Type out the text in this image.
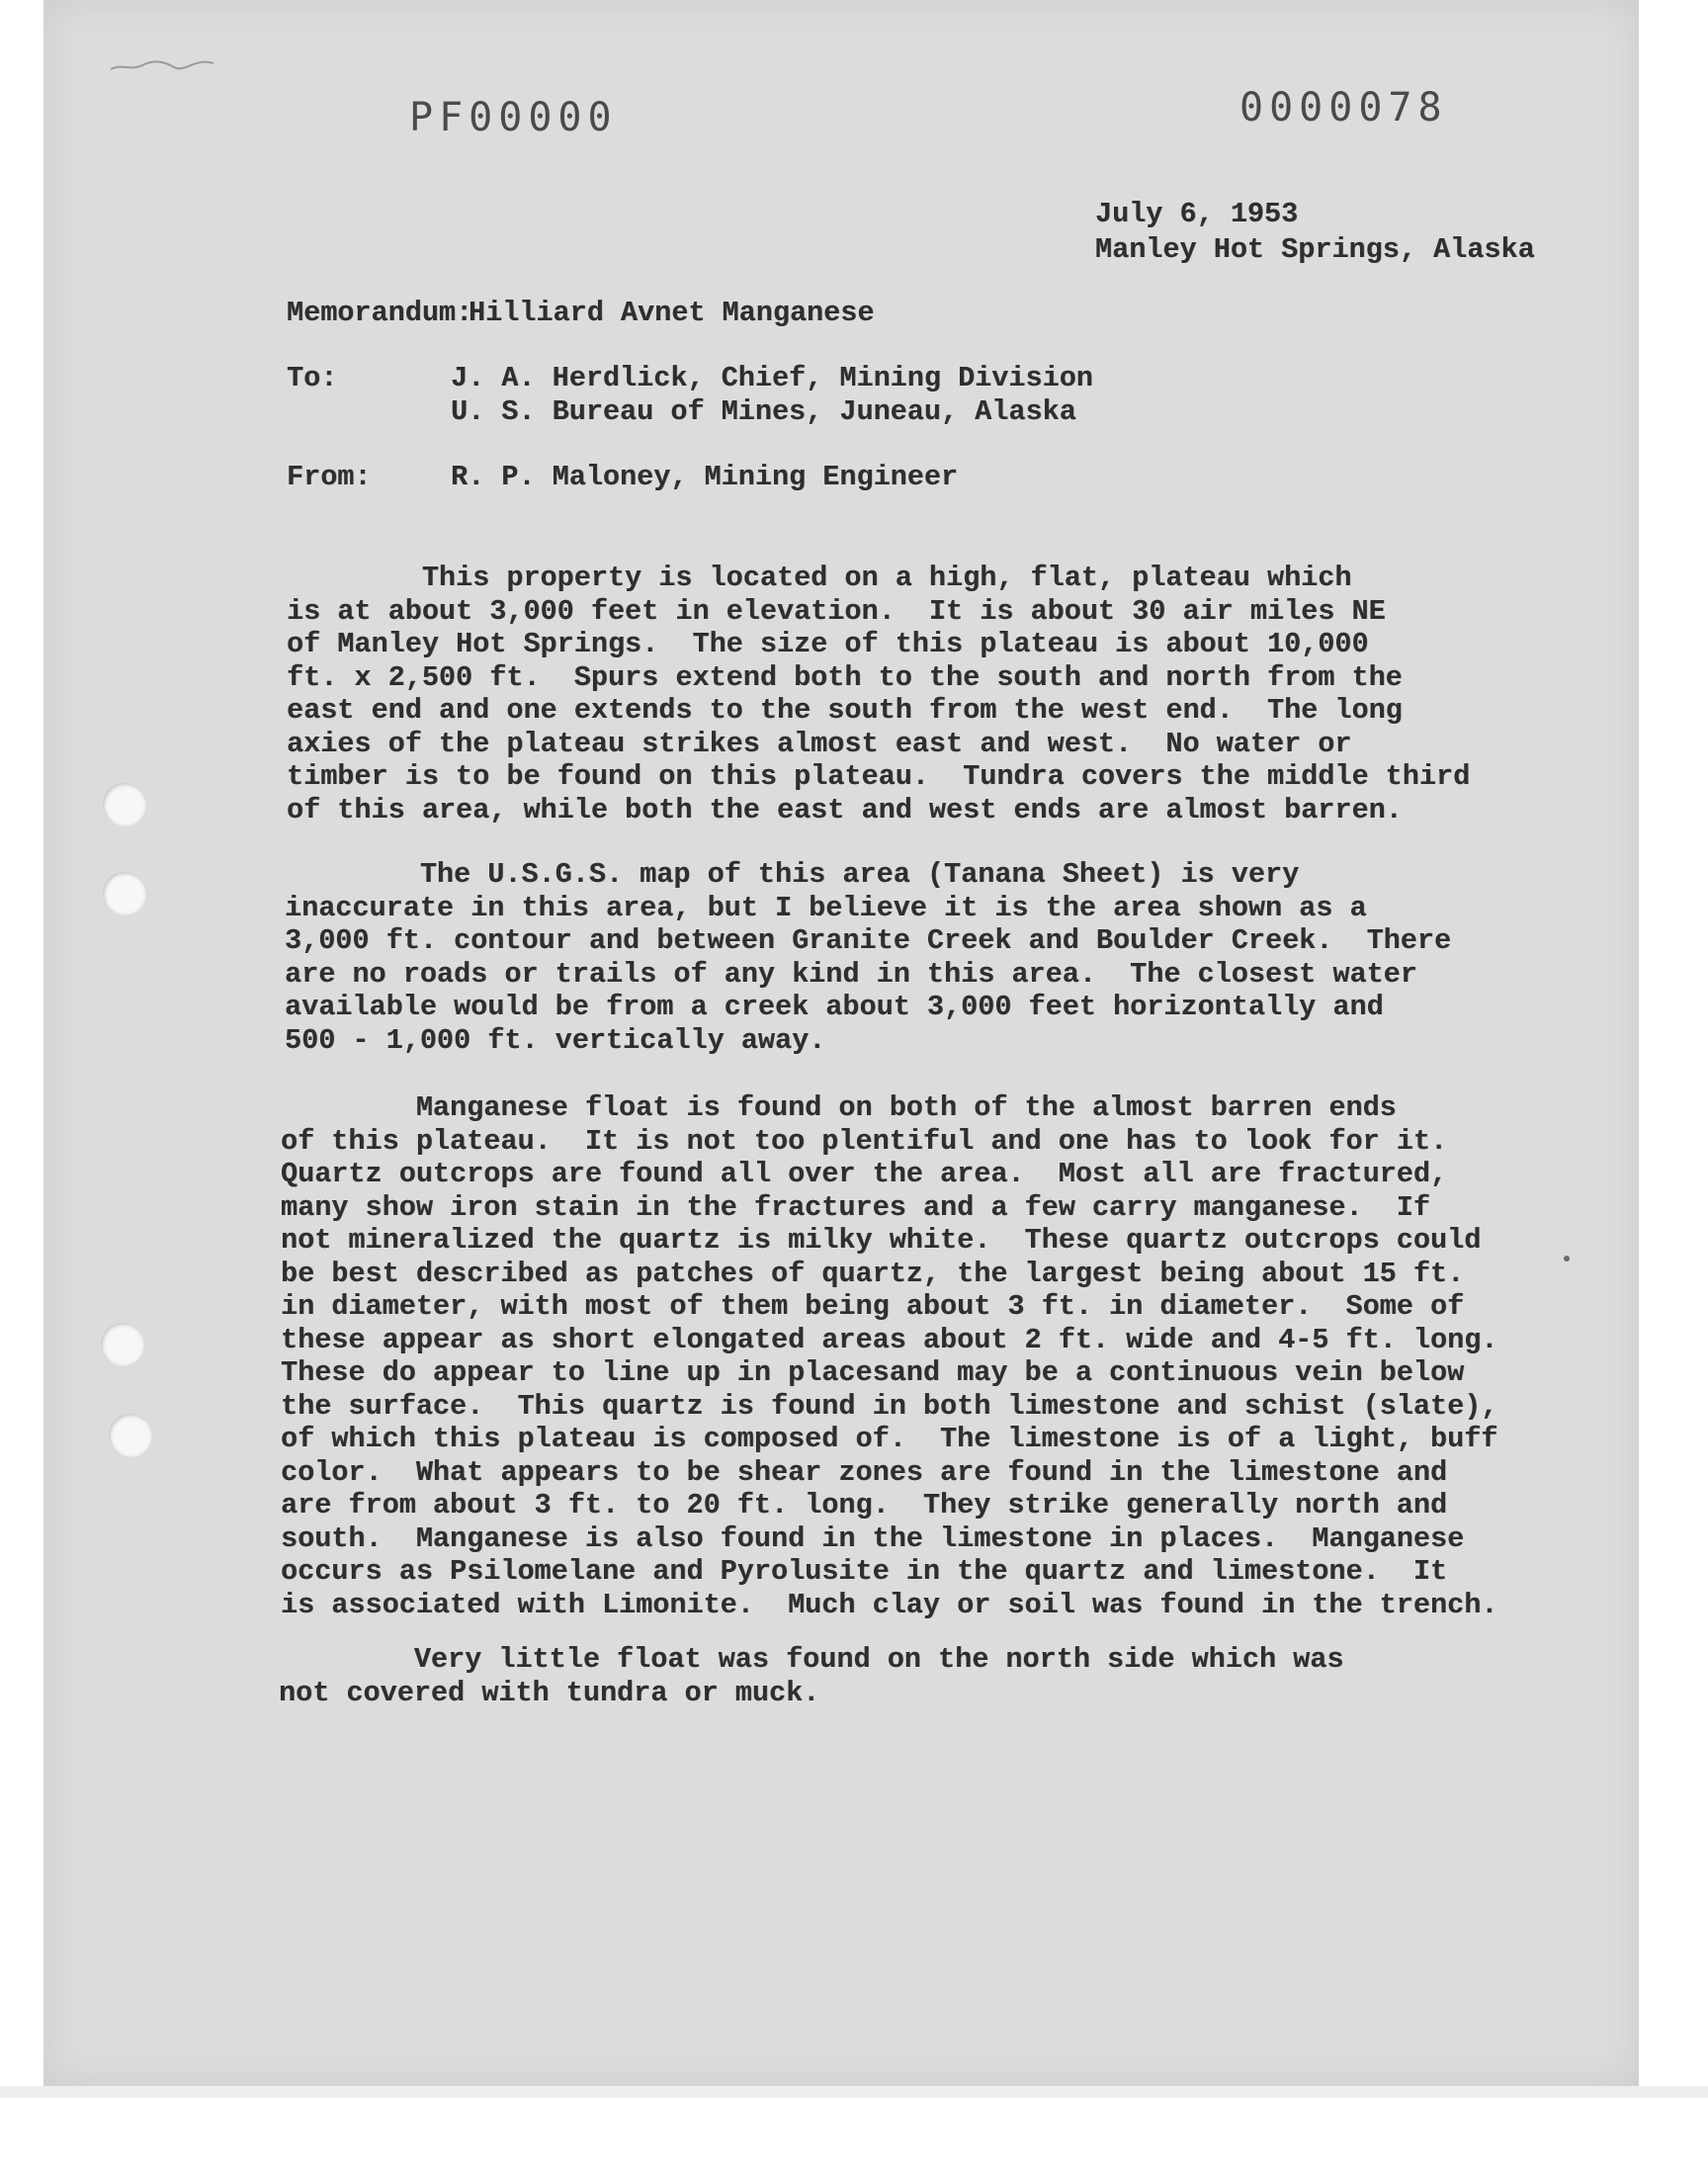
PF00000	0000078
July 6, 1953
Manley Hot Springs, Alaska
Memorandum:
Hilliard Avnet Manganese
To:	J. A. Herdlick, Chief, Mining Division
U. S. Bureau of Mines, Juneau, Alaska
From:	R. P. Maloney, Mining Engineer
This property is located on a high, flat, plateau which
is at about 3,000 feet in elevation.  It is about 30 air miles NE
of Manley Hot Springs.  The size of this plateau is about 10,000
ft. x 2,500 ft.  Spurs extend both to the south and north from the
east end and one extends to the south from the west end.  The long
axies of the plateau strikes almost east and west.  No water or
timber is to be found on this plateau.  Tundra covers the middle third
of this area, while both the east and west ends are almost barren.
The U.S.G.S. map of this area (Tanana Sheet) is very
inaccurate in this area, but I believe it is the area shown as a
3,000 ft. contour and between Granite Creek and Boulder Creek.  There
are no roads or trails of any kind in this area.  The closest water
available would be from a creek about 3,000 feet horizontally and
500 - 1,000 ft. vertically away.
Manganese float is found on both of the almost barren ends
of this plateau.  It is not too plentiful and one has to look for it.
Quartz outcrops are found all over the area.  Most all are fractured,
many show iron stain in the fractures and a few carry manganese.  If
not mineralized the quartz is milky white.  These quartz outcrops could
be best described as patches of quartz, the largest being about 15 ft.
in diameter, with most of them being about 3 ft. in diameter.  Some of
these appear as short elongated areas about 2 ft. wide and 4-5 ft. long.
These do appear to line up in placesand may be a continuous vein below
the surface.  This quartz is found in both limestone and schist (slate),
of which this plateau is composed of.  The limestone is of a light, buff
color.  What appears to be shear zones are found in the limestone and
are from about 3 ft. to 20 ft. long.  They strike generally north and
south.  Manganese is also found in the limestone in places.  Manganese
occurs as Psilomelane and Pyrolusite in the quartz and limestone.  It
is associated with Limonite.  Much clay or soil was found in the trench.
Very little float was found on the north side which was
not covered with tundra or muck.
